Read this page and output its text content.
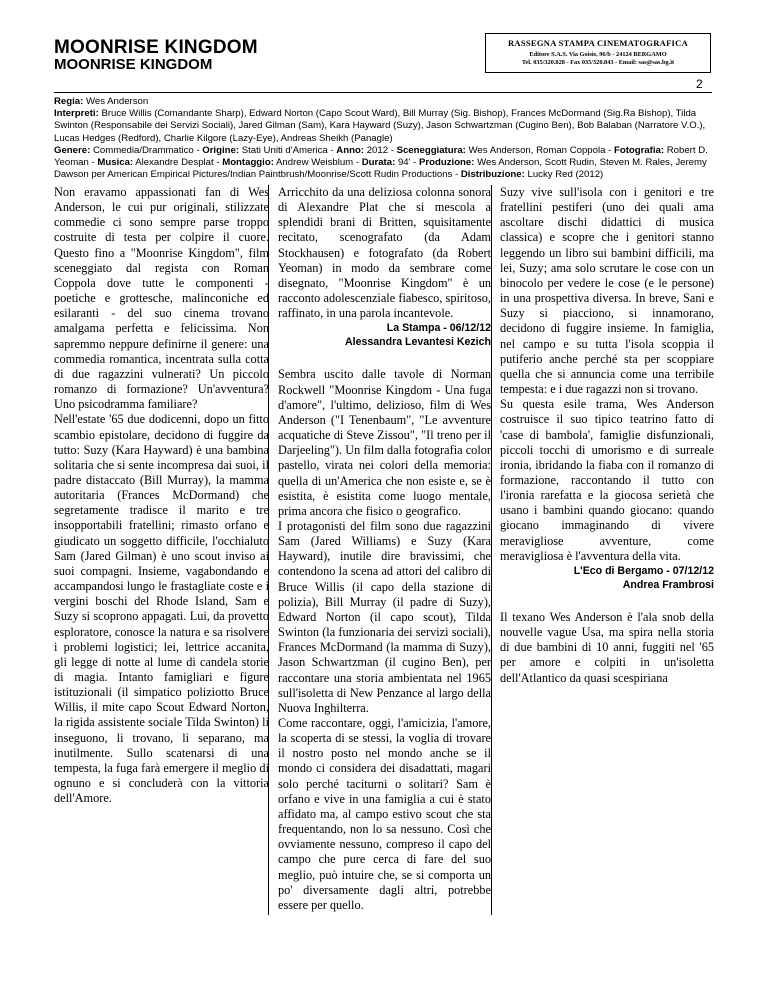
MOONRISE KINGDOM
MOONRISE KINGDOM
RASSEGNA STAMPA CINEMATOGRAFICA
Editore S.A.S. Via Goisis, 96/b - 24124 BERGAMO
Tel. 035/320.828 - Fax 035/320.843 - Email: sas@sas.bg.it
2
Regia: Wes Anderson
Interpreti: Bruce Willis (Comandante Sharp), Edward Norton (Capo Scout Ward), Bill Murray (Sig. Bishop), Frances McDormand (Sig.Ra Bishop), Tilda Swinton (Responsabile dei Servizi Sociali), Jared Gilman (Sam), Kara Hayward (Suzy), Jason Schwartzman (Cugino Ben), Bob Balaban (Narratore V.O.), Lucas Hedges (Redford), Charlie Kilgore (Lazy-Eye), Andreas Sheikh (Panagle)
Genere: Commedia/Drammatico - Origine: Stati Uniti d'America - Anno: 2012 - Sceneggiatura: Wes Anderson, Roman Coppola - Fotografia: Robert D. Yeoman - Musica: Alexandre Desplat - Montaggio: Andrew Weisblum - Durata: 94' - Produzione: Wes Anderson, Scott Rudin, Steven M. Rales, Jeremy Dawson per American Empirical Pictures/Indian Paintbrush/Moonrise/Scott Rudin Productions - Distribuzione: Lucky Red (2012)

Non eravamo appassionati fan di Wes Anderson, le cui pur originali, stilizzate commedie ci sono sempre parse troppo costruite di testa per colpire il cuore. Questo fino a "Moonrise Kingdom", film sceneggiato dal regista con Roman Coppola dove tutte le componenti - poetiche e grottesche, malinconiche ed esilaranti - del suo cinema trovano amalgama perfetta e felicissima. Non sapremmo neppure definirne il genere: una commedia romantica, incentrata sulla cotta di due ragazzini vulnerati? Un piccolo romanzo di formazione? Un'avventura? Uno psicodramma familiare?

Nell'estate '65 due dodicenni, dopo un fitto scambio epistolare, decidono di fuggire da tutto: Suzy (Kara Hayward) è una bambina solitaria che si sente incompresa dai suoi, il padre distaccato (Bill Murray), la mamma autoritaria (Frances McDormand) che segretamente tradisce il marito e tre insopportabili fratellini; rimasto orfano e giudicato un soggetto difficile, l'occhialuto Sam (Jared Gilman) è uno scout inviso ai suoi compagni. Insieme, vagabondando e accampandosi lungo le frastagliate coste e i vergini boschi del Rhode Island, Sam e Suzy si scoprono appagati. Lui, da provetto esploratore, conosce la natura e sa risolvere i problemi logistici; lei, lettrice accanita, gli legge di notte al lume di candela storie di magia. Intanto famigliari e figure istituzionali (il simpatico poliziotto Bruce Willis, il mite capo Scout Edward Norton, la rigida assistente sociale Tilda Swinton) li inseguono, li trovano, li separano, ma inutilmente. Sullo scatenarsi di una tempesta, la fuga farà emergere il meglio di ognuno e si concluderà con la vittoria dell'Amore.

Arricchito da una deliziosa colonna sonora di Alexandre Plat che si mescola a splendidi brani di Britten, squisitamente recitato, scenografato (da Adam Stockhausen) e fotografato (da Robert Yeoman) in modo da sembrare come disegnato, "Moonrise Kingdom" è un racconto adolescenziale fiabesco, spiritoso, raffinato, in una parola incantevole.

La Stampa - 06/12/12
Alessandra Levantesi Kezich

Sembra uscito dalle tavole di Norman Rockwell "Moonrise Kingdom - Una fuga d'amore", l'ultimo, delizioso, film di Wes Anderson ("I Tenenbaum", "Le avventure acquatiche di Steve Zissou", "Il treno per il Darjeeling"). Un film dalla fotografia color pastello, virata nei colori della memoria: quella di un'America che non esiste e, se è esistita, è esistita come luogo mentale, prima ancora che fisico o geografico.

I protagonisti del film sono due ragazzini Sam (Jared Williams) e Suzy (Kara Hayward), inutile dire bravissimi, che contendono la scena ad attori del calibro di Bruce Willis (il capo della stazione di polizia), Bill Murray (il padre di Suzy), Edward Norton (il capo scout), Tilda Swinton (la funzionaria dei servizi sociali), Frances McDormand (la mamma di Suzy), Jason Schwartzman (il cugino Ben), per raccontare una storia ambientata nel 1965 sull'isoletta di New Penzance al largo della Nuova Inghilterra.

Come raccontare, oggi, l'amicizia, l'amore, la scoperta di se stessi, la voglia di trovare il nostro posto nel mondo anche se il mondo ci considera dei disadattati, magari solo perché taciturni o solitari? Sam è orfano e vive in una famiglia a cui è stato affidato ma, al campo estivo scout che sta frequentando, non lo sa nessuno. Così che ovviamente nessuno, compreso il capo del campo che pure cerca di fare del suo meglio, può intuire che, se si comporta un po' diversamente dagli altri, potrebbe essere per quello.

Suzy vive sull'isola con i genitori e tre fratellini pestiferi (uno dei quali ama ascoltare dischi didattici di musica classica) e scopre che i genitori stanno leggendo un libro sui bambini difficili, ma lei, Suzy; ama solo scrutare le cose con un binocolo per vedere le cose (e le persone) in una prospettiva diversa. In breve, Sani e Suzy si piacciono, si innamorano, decidono di fuggire insieme. In famiglia, nel campo e su tutta l'isola scoppia il putiferio anche perché sta per scoppiare quella che si annuncia come una terribile tempesta: e i due ragazzi non si trovano.

Su questa esile trama, Wes Anderson costruisce il suo tipico teatrino fatto di 'case di bambola', famiglie disfunzionali, piccoli tocchi di umorismo e di surreale ironia, ibridando la fiaba con il romanzo di formazione, raccontando il tutto con l'ironia rarefatta e la giocosa serietà che usano i bambini quando giocano: quando giocano immaginando di vivere meravigliose avventure, come meravigliosa è l'avventura della vita.

L'Eco di Bergamo - 07/12/12
Andrea Frambrosi

Il texano Wes Anderson è l'ala snob della nouvelle vague Usa, ma spira nella storia di due bambini di 10 anni, fuggiti nel '65 per amore e colpiti in un'isoletta dell'Atlantico da quasi scespiriana
